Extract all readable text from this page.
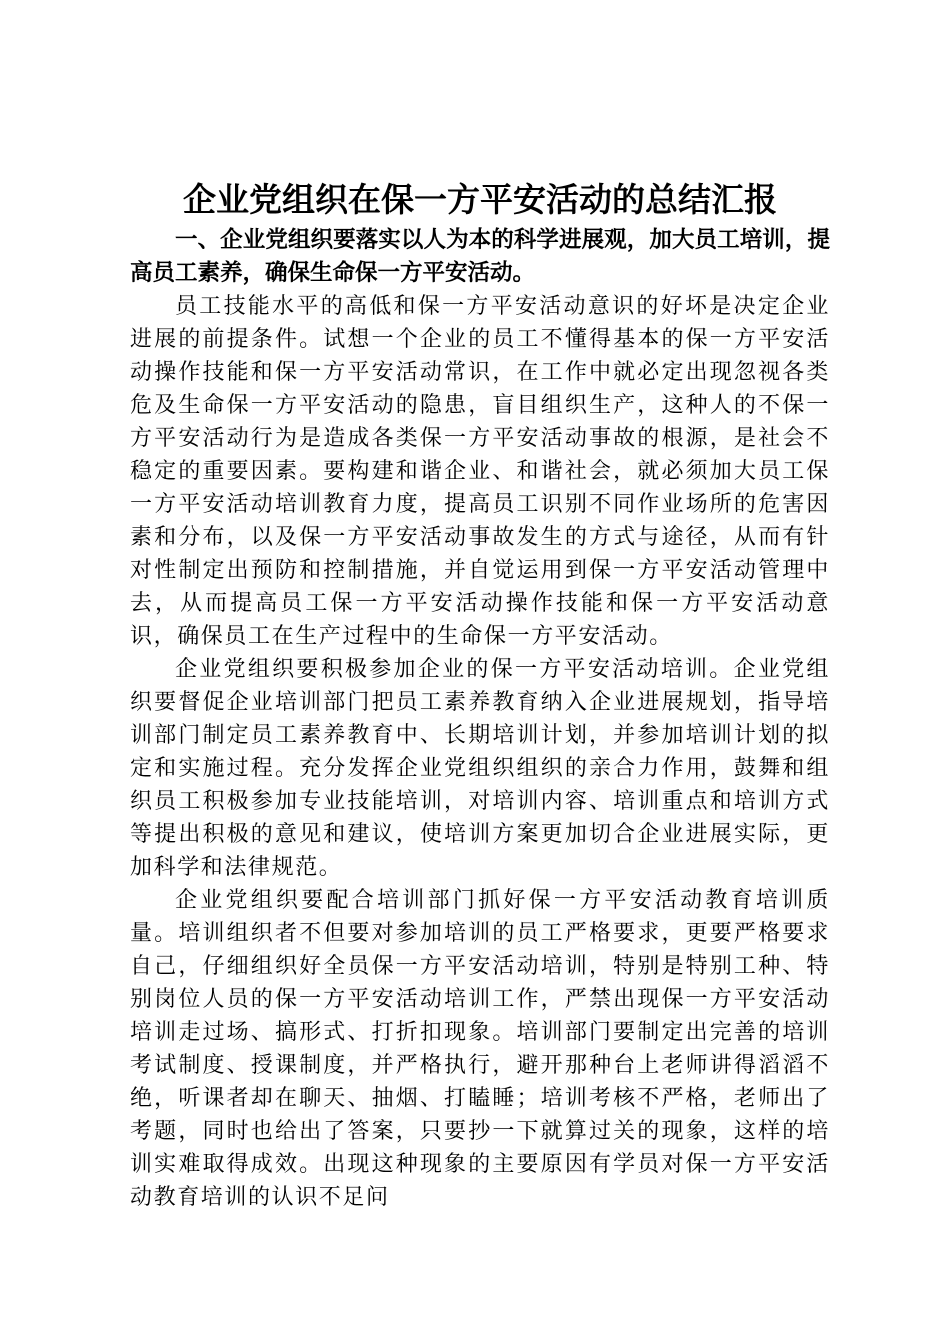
企业党组织在保一方平安活动的总结汇报

一、企业党组织要落实以人为本的科学进展观，加大员工培训，提高员工素养，确保生命保一方平安活动。

员工技能水平的高低和保一方平安活动意识的好坏是决定企业进展的前提条件。试想一个企业的员工不懂得基本的保一方平安活动操作技能和保一方平安活动常识，在工作中就必定出现忽视各类危及生命保一方平安活动的隐患，盲目组织生产，这种人的不保一方平安活动行为是造成各类保一方平安活动事故的根源，是社会不稳定的重要因素。要构建和谐企业、和谐社会，就必须加大员工保一方平安活动培训教育力度，提高员工识别不同作业场所的危害因素和分布，以及保一方平安活动事故发生的方式与途径，从而有针对性制定出预防和控制措施，并自觉运用到保一方平安活动管理中去，从而提高员工保一方平安活动操作技能和保一方平安活动意识，确保员工在生产过程中的生命保一方平安活动。

企业党组织要积极参加企业的保一方平安活动培训。企业党组织要督促企业培训部门把员工素养教育纳入企业进展规划，指导培训部门制定员工素养教育中、长期培训计划，并参加培训计划的拟定和实施过程。充分发挥企业党组织组织的亲合力作用，鼓舞和组织员工积极参加专业技能培训，对培训内容、培训重点和培训方式等提出积极的意见和建议，使培训方案更加切合企业进展实际，更加科学和法律规范。

企业党组织要配合培训部门抓好保一方平安活动教育培训质量。培训组织者不但要对参加培训的员工严格要求，更要严格要求自己，仔细组织好全员保一方平安活动培训，特别是特别工种、特别岗位人员的保一方平安活动培训工作，严禁出现保一方平安活动培训走过场、搞形式、打折扣现象。培训部门要制定出完善的培训考试制度、授课制度，并严格执行，避开那种台上老师讲得滔滔不绝，听课者却在聊天、抽烟、打瞌睡；培训考核不严格，老师出了考题，同时也给出了答案，只要抄一下就算过关的现象，这样的培训实难取得成效。出现这种现象的主要原因有学员对保一方平安活动教育培训的认识不足问
